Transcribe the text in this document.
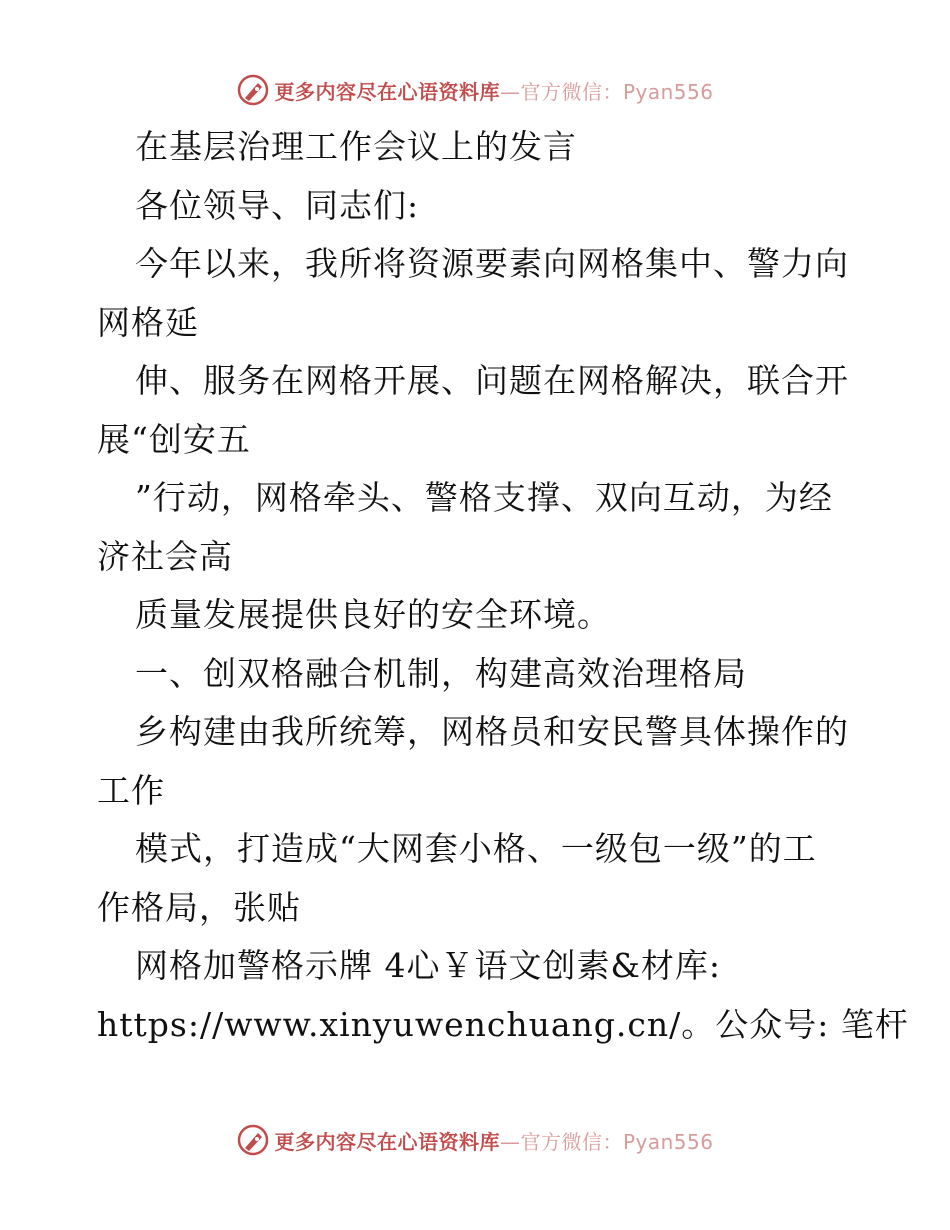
更多内容尽在心语资料库—官方微信：Pyan556
在基层治理工作会议上的发言
各位领导、同志们:
今年以来，我所将资源要素向网格集中、警力向
网格延
伸、服务在网格开展、问题在网格解决，联合开
展“创安五
”行动，网格牵头、警格支撑、双向互动，为经
济社会高
质量发展提供良好的安全环境。
一、创双格融合机制，构建高效治理格局
乡构建由我所统筹，网格员和安民警具体操作的
工作
模式，打造成“大网套小格、一级包一级”的工
作格局，张贴
网格加警格示牌 4心￥语文创素&材库:
https://www.xinyuwenchuang.cn/。公众号: 笔杆
更多内容尽在心语资料库—官方微信：Pyan556
